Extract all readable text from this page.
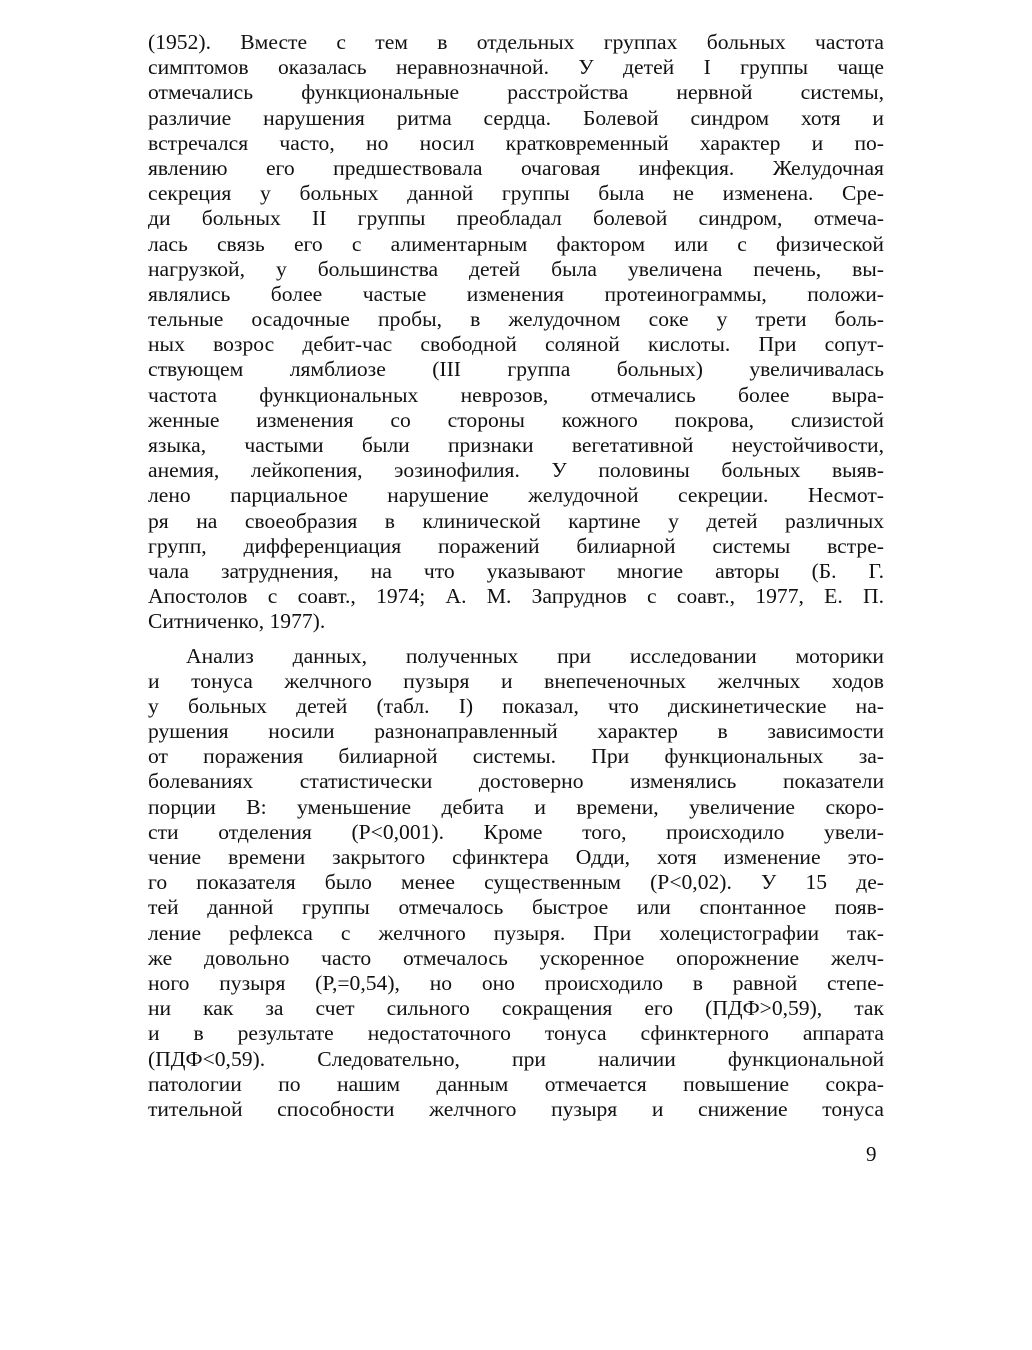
(1952). Вместе с тем в отдельных группах больных частота
симптомов оказалась неравнозначной. У детей I группы чаще
отмечались функциональные расстройства нервной системы,
различие нарушения ритма сердца. Болевой синдром хотя и
встречался часто, но носил кратковременный характер и по-
явлению его предшествовала очаговая инфекция. Желудочная
секреция у больных данной группы была не изменена. Сре-
ди больных II группы преобладал болевой синдром, отмеча-
лась связь его с алиментарным фактором или с физической
нагрузкой, у большинства детей была увеличена печень, вы-
являлись более частые изменения протеинограммы, положи-
тельные осадочные пробы, в желудочном соке у трети боль-
ных возрос дебит-час свободной соляной кислоты. При сопут-
ствующем лямблиозе (III группа больных) увеличивалась
частота функциональных неврозов, отмечались более выра-
женные изменения со стороны кожного покрова, слизистой
языка, частыми были признаки вегетативной неустойчивости,
анемия, лейкопения, эозинофилия. У половины больных выяв-
лено парциальное нарушение желудочной секреции. Несмот-
ря на своеобразия в клинической картине у детей различных
групп, дифференциация поражений билиарной системы встре-
чала затруднения, на что указывают многие авторы (Б. Г.
Апостолов с соавт., 1974; А. М. Запруднов с соавт., 1977, Е. П.
Ситниченко, 1977).
Анализ данных, полученных при исследовании моторики
и тонуса желчного пузыря и внепеченочных желчных ходов
у больных детей (табл. I) показал, что дискинетические на-
рушения носили разнонаправленный характер в зависимости
от поражения билиарной системы. При функциональных за-
болеваниях статистически достоверно изменялись показатели
порции В: уменьшение дебита и времени, увеличение скоро-
сти отделения (P<0,001). Кроме того, происходило увели-
чение времени закрытого сфинктера Одди, хотя изменение это-
го показателя было менее существенным (P<0,02). У 15 де-
тей данной группы отмечалось быстрое или спонтанное появ-
ление рефлекса с желчного пузыря. При холецистографии так-
же довольно часто отмечалось ускоренное опорожнение желч-
ного пузыря (P,=0,54), но оно происходило в равной степе-
ни как за счет сильного сокращения его (ПДФ>0,59), так
и в результате недостаточного тонуса сфинктерного аппарата
(ПДФ<0,59). Следовательно, при наличии функциональной
патологии по нашим данным отмечается повышение сокра-
тительной способности желчного пузыря и снижение тонуса
9
